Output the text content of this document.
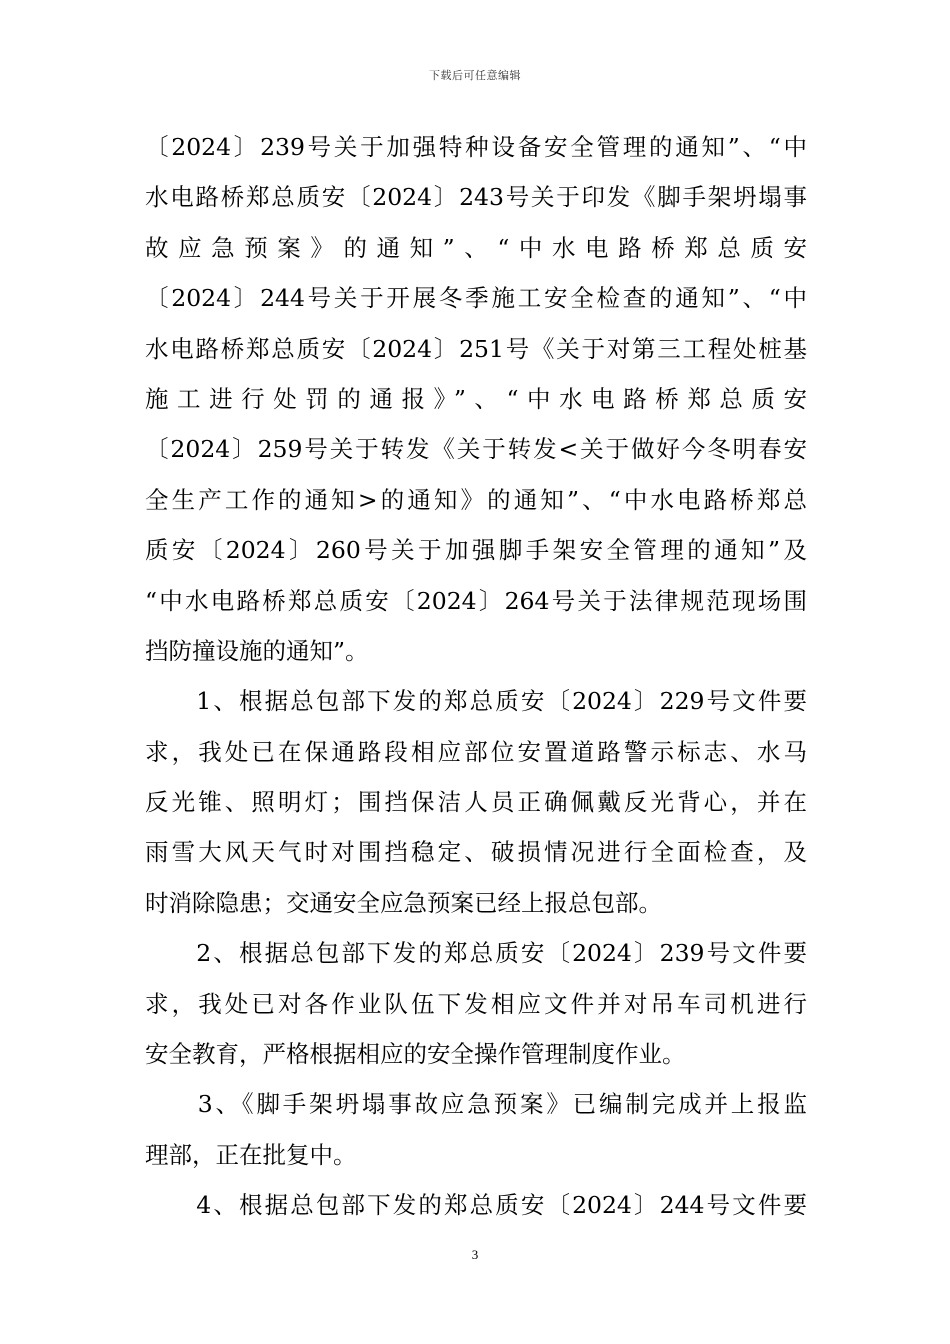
下载后可任意编辑
〔2024〕239号关于加强特种设备安全管理的通知”、“中
水电路桥郑总质安〔2024〕243号关于印发《脚手架坍塌事
故应急预案》的通知”、“中水电路桥郑总质安
〔2024〕244号关于开展冬季施工安全检查的通知”、“中
水电路桥郑总质安〔2024〕251号《关于对第三工程处桩基
施工进行处罚的通报》”、“中水电路桥郑总质安
〔2024〕259号关于转发《关于转发<关于做好今冬明春安
全生产工作的通知>的通知》的通知”、“中水电路桥郑总
质安〔2024〕260号关于加强脚手架安全管理的通知”及
“中水电路桥郑总质安〔2024〕264号关于法律规范现场围
挡防撞设施的通知”。
　　1、根据总包部下发的郑总质安〔2024〕229号文件要
求，我处已在保通路段相应部位安置道路警示标志、水马
反光锥、照明灯；围挡保洁人员正确佩戴反光背心，并在
雨雪大风天气时对围挡稳定、破损情况进行全面检查，及
时消除隐患；交通安全应急预案已经上报总包部。
　　2、根据总包部下发的郑总质安〔2024〕239号文件要
求，我处已对各作业队伍下发相应文件并对吊车司机进行
安全教育，严格根据相应的安全操作管理制度作业。
　　3、《脚手架坍塌事故应急预案》已编制完成并上报监
理部，正在批复中。
　　4、根据总包部下发的郑总质安〔2024〕244号文件要
3
